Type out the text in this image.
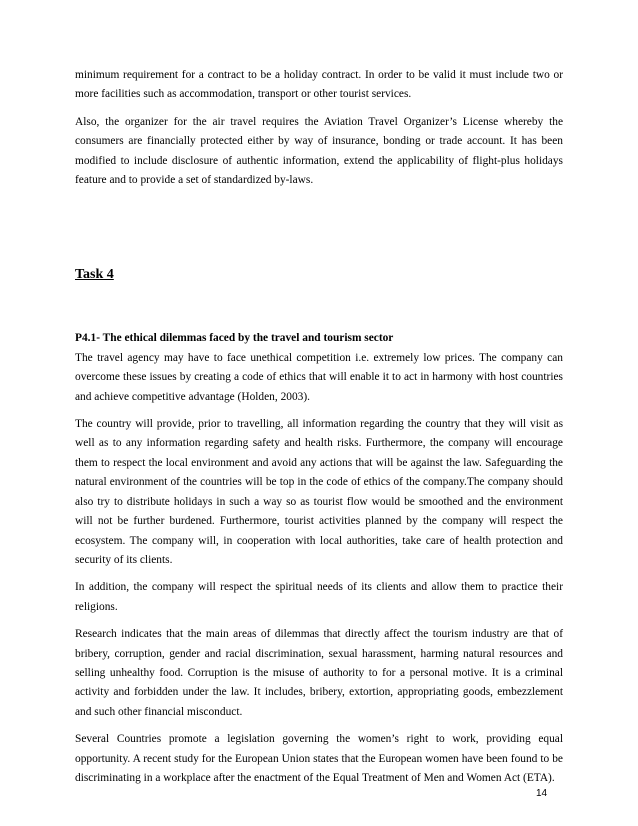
minimum requirement for a contract to be a holiday contract. In order to be valid it must include two or more facilities such as accommodation, transport or other tourist services.

Also, the organizer for the air travel requires the Aviation Travel Organizer’s License whereby the consumers are financially protected either by way of insurance, bonding or trade account. It has been modified to include disclosure of authentic information, extend the applicability of flight-plus holidays feature and to provide a set of standardized by-laws.

Task 4
P4.1- The ethical dilemmas faced by the travel and tourism sector

The travel agency may have to face unethical competition i.e. extremely low prices. The company can overcome these issues by creating a code of ethics that will enable it to act in harmony with host countries and achieve competitive advantage (Holden, 2003).

The country will provide, prior to travelling, all information regarding the country that they will visit as well as to any information regarding safety and health risks. Furthermore, the company will encourage them to respect the local environment and avoid any actions that will be against the law. Safeguarding the natural environment of the countries will be top in the code of ethics of the company.The company should also try to distribute holidays in such a way so as tourist flow would be smoothed and the environment will not be further burdened. Furthermore, tourist activities planned by the company will respect the ecosystem. The company will, in cooperation with local authorities, take care of health protection and security of its clients.

In addition, the company will respect the spiritual needs of its clients and allow them to practice their religions.

Research indicates that the main areas of dilemmas that directly affect the tourism industry are that of bribery, corruption, gender and racial discrimination, sexual harassment, harming natural resources and selling unhealthy food. Corruption is the misuse of authority to for a personal motive. It is a criminal activity and forbidden under the law. It includes, bribery, extortion, appropriating goods, embezzlement and such other financial misconduct.

Several Countries promote a legislation governing the women’s right to work, providing equal opportunity. A recent study for the European Union states that the European women have been found to be discriminating in a workplace after the enactment of the Equal Treatment of Men and Women Act (ETA).

14
